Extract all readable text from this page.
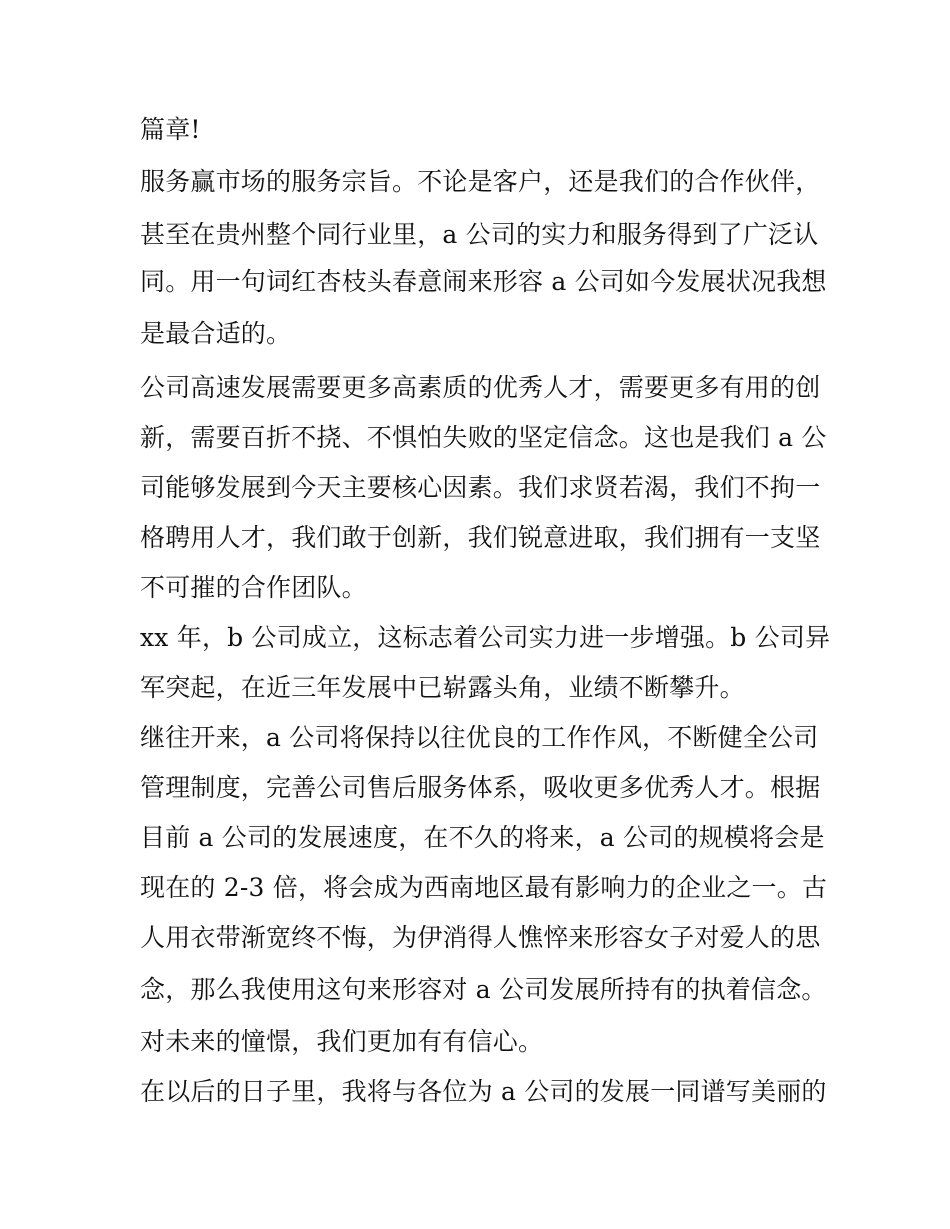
篇章!
服务赢市场的服务宗旨。不论是客户，还是我们的合作伙伴，
甚至在贵州整个同行业里，a 公司的实力和服务得到了广泛认
同。用一句词红杏枝头春意闹来形容 a 公司如今发展状况我想
是最合适的。
公司高速发展需要更多高素质的优秀人才，需要更多有用的创
新，需要百折不挠、不惧怕失败的坚定信念。这也是我们 a 公
司能够发展到今天主要核心因素。我们求贤若渴，我们不拘一
格聘用人才，我们敢于创新，我们锐意进取，我们拥有一支坚
不可摧的合作团队。
xx 年，b 公司成立，这标志着公司实力进一步增强。b 公司异
军突起，在近三年发展中已崭露头角，业绩不断攀升。
继往开来，a 公司将保持以往优良的工作作风，不断健全公司
管理制度，完善公司售后服务体系，吸收更多优秀人才。根据
目前 a 公司的发展速度，在不久的将来，a 公司的规模将会是
现在的 2-3 倍，将会成为西南地区最有影响力的企业之一。古
人用衣带渐宽终不悔，为伊消得人憔悴来形容女子对爱人的思
念，那么我使用这句来形容对 a 公司发展所持有的执着信念。
对未来的憧憬，我们更加有有信心。
在以后的日子里，我将与各位为 a 公司的发展一同谱写美丽的
